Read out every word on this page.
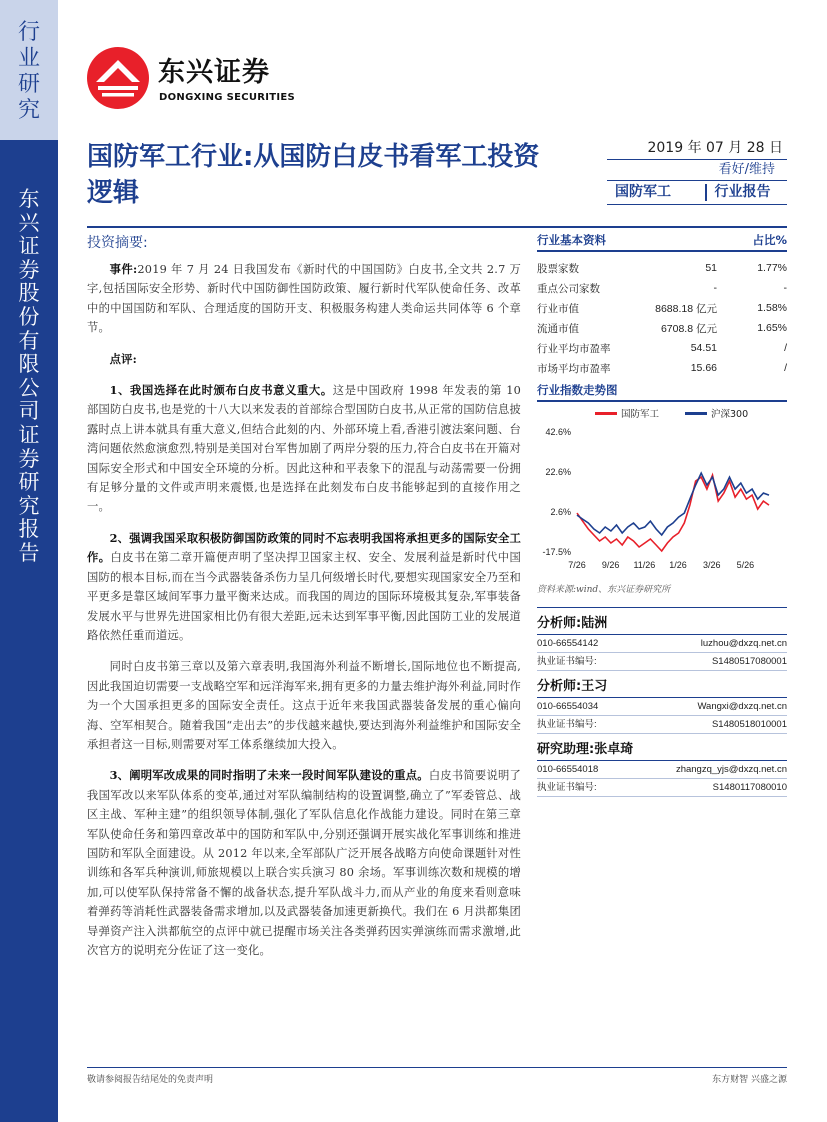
行业研究
东兴证券股份有限公司证券研究报告
东兴证券
DONGXING SECURITIES
国防军工行业:从国防白皮书看军工投资逻辑
2019 年 07 月 28 日
看好/维持
国防军工	行业报告
投资摘要:

事件:2019 年 7 月 24 日我国发布《新时代的中国国防》白皮书,全文共 2.7 万字,包括国际安全形势、新时代中国防御性国防政策、履行新时代军队使命任务、改革中的中国国防和军队、合理适度的国防开支、积极服务构建人类命运共同体等 6 个章节。

点评:

1、我国选择在此时颁布白皮书意义重大。这是中国政府 1998 年发表的第 10 部国防白皮书,也是党的十八大以来发表的首部综合型国防白皮书,从正常的国防信息披露时点上讲本就具有重大意义,但结合此刻的内、外部环境上看,香港引渡法案问题、台湾问题依然愈演愈烈,特别是美国对台军售加剧了两岸分裂的压力,符合白皮书在开篇对国际安全形式和中国安全环境的分析。因此这种和平表象下的混乱与动荡需要一份拥有足够分量的文件或声明来震慑,也是选择在此刻发布白皮书能够起到的直接作用之一。

2、强调我国采取积极防御国防政策的同时不忘表明我国将承担更多的国际安全工作。白皮书在第二章开篇便声明了坚决捍卫国家主权、安全、发展利益是新时代中国国防的根本目标,而在当今武器装备杀伤力呈几何级增长时代,要想实现国家安全乃至和平更多是靠区域间军事力量平衡来达成。而我国的周边的国际环境极其复杂,军事装备发展水平与世界先进国家相比仍有很大差距,远未达到军事平衡,因此国防工业的发展道路依然任重而道远。

同时白皮书第三章以及第六章表明,我国海外利益不断增长,国际地位也不断提高,因此我国迫切需要一支战略空军和远洋海军来,拥有更多的力量去维护海外利益,同时作为一个大国承担更多的国际安全责任。这点于近年来我国武器装备发展的重心偏向海、空军相契合。随着我国“走出去”的步伐越来越快,要达到海外利益维护和国际安全承担者这一目标,则需要对军工体系继续加大投入。

3、阐明军改成果的同时指明了未来一段时间军队建设的重点。白皮书简要说明了我国军改以来军队体系的变革,通过对军队编制结构的设置调整,确立了”军委管总、战区主战、军种主建”的组织领导体制,强化了军队信息化作战能力建设。同时在第三章军队使命任务和第四章改革中的国防和军队中,分别还强调开展实战化军事训练和推进国防和军队全面建设。从 2012 年以来,全军部队广泛开展各战略方向使命课题针对性训练和各军兵种演训,师旅规模以上联合实兵演习 80 余场。军事训练次数和规模的增加,可以使军队保持常备不懈的战备状态,提升军队战斗力,而从产业的角度来看则意味着弹药等消耗性武器装备需求增加,以及武器装备加速更新换代。我们在 6 月洪都集团导弹资产注入洪都航空的点评中就已提醒市场关注各类弹药因实弹演练而需求激增,此次官方的说明充分佐证了这一变化。

行业基本资料	占比%
股票家数	51	1.77%
重点公司家数	-	-
行业市值	8688.18 亿元	1.58%
流通市值	6708.8 亿元	1.65%
行业平均市盈率	54.51	/
市场平均市盈率	15.66	/
行业指数走势图
42.6%
22.6%
2.6%
-17.5%
7/26 9/26 11/26 1/26 3/26 5/26
国防军工	沪深300
资料来源:wind、东兴证券研究所
分析师:陆洲
010-66554142	luzhou@dxzq.net.cn
执业证书编号:	S1480517080001
分析师:王习
010-66554034	Wangxi@dxzq.net.cn
执业证书编号:	S1480518010001
研究助理:张卓琦
010-66554018	zhangzq_yjs@dxzq.net.cn
执业证书编号:	S1480117080010
敬请参阅报告结尾处的免责声明	东方财智 兴盛之源
